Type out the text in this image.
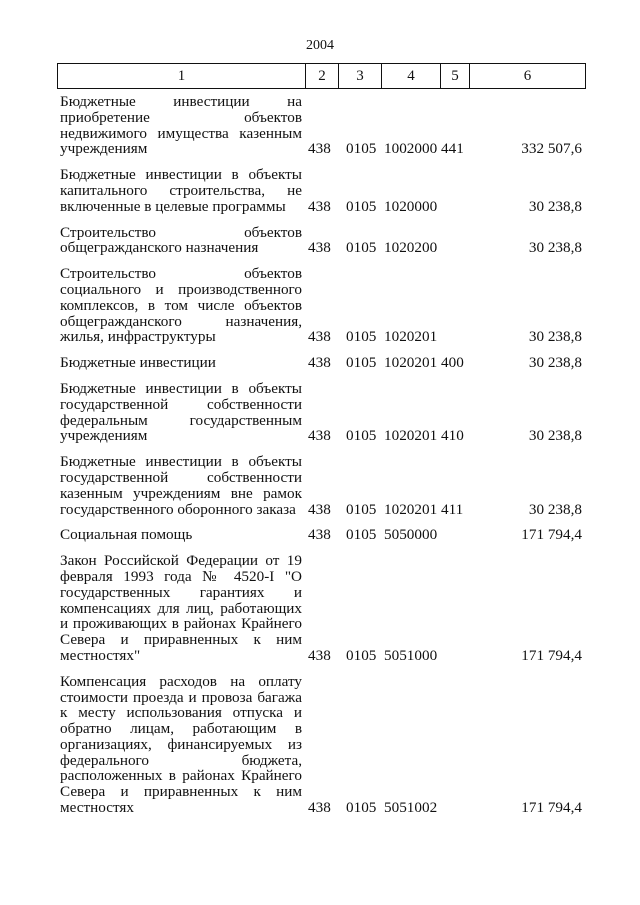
2004
1	2	3	4	5	6
Бюджетные инвестиции на приобретение объектов недвижимого имущества казенным учреждениям	438 0105 1002000 441	332 507,6
Бюджетные инвестиции в объекты капитального строительства, не включенные в целевые программы	438 0105 1020000	30 238,8
Строительство объектов общегражданского назначения	438 0105 1020200	30 238,8
Строительство объектов социального и производственного комплексов, в том числе объектов общегражданского назначения, жилья, инфраструктуры	438 0105 1020201	30 238,8
Бюджетные инвестиции	438 0105 1020201 400	30 238,8
Бюджетные инвестиции в объекты государственной собственности федеральным государственным учреждениям	438 0105 1020201 410	30 238,8
Бюджетные инвестиции в объекты государственной собственности казенным учреждениям вне рамок государственного оборонного заказа 438 0105 1020201 411	30 238,8
Социальная помощь	438 0105 5050000	171 794,4
Закон Российской Федерации от 19 февраля 1993 года № 4520-I "О государственных гарантиях и компенсациях для лиц, работающих и проживающих в районах Крайнего Севера и приравненных к ним местностях"	438 0105 5051000	171 794,4
Компенсация расходов на оплату стоимости проезда и провоза багажа к месту использования отпуска и обратно лицам, работающим в организациях, финансируемых из федерального бюджета, расположенных в районах Крайнего Севера и приравненных к ним местностях	438 0105 5051002	171 794,4
